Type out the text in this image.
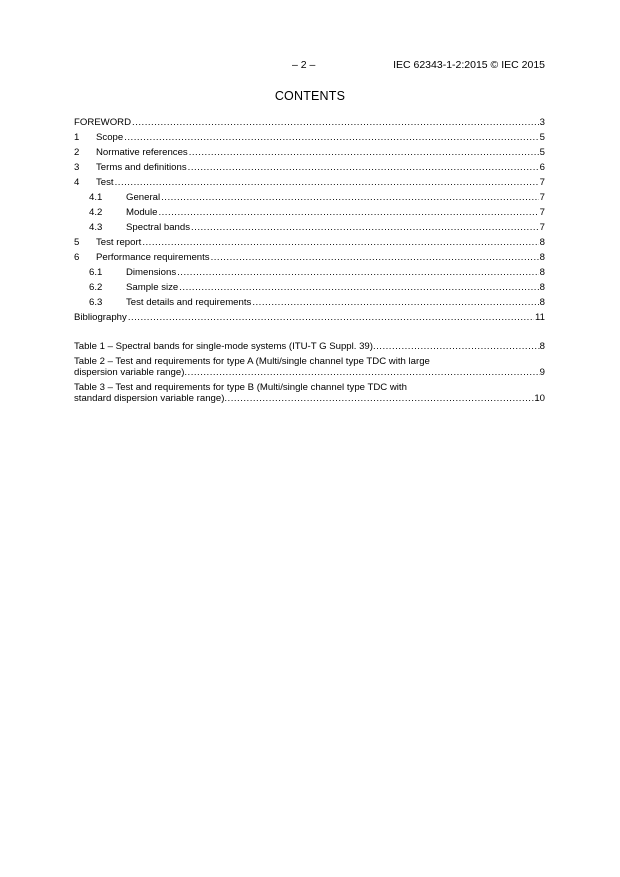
– 2 –	IEC 62343-1-2:2015 © IEC 2015
CONTENTS
FOREWORD .....	3
1	Scope .....	5
2	Normative references .....	5
3	Terms and definitions .....	6
4	Test .....	7
4.1	General .....	7
4.2	Module .....	7
4.3	Spectral bands .....	7
5	Test report .....	8
6	Performance requirements .....	8
6.1	Dimensions .....	8
6.2	Sample size .....	8
6.3	Test details and requirements .....	8
Bibliography .....	11
Table 1 – Spectral bands for single-mode systems (ITU-T G Suppl. 39) .....	8
Table 2 – Test and requirements for type A (Multi/single channel type TDC with large
dispersion variable range) .....	9
Table 3 – Test and requirements for type B (Multi/single channel type TDC with
standard dispersion variable range) .....	10
